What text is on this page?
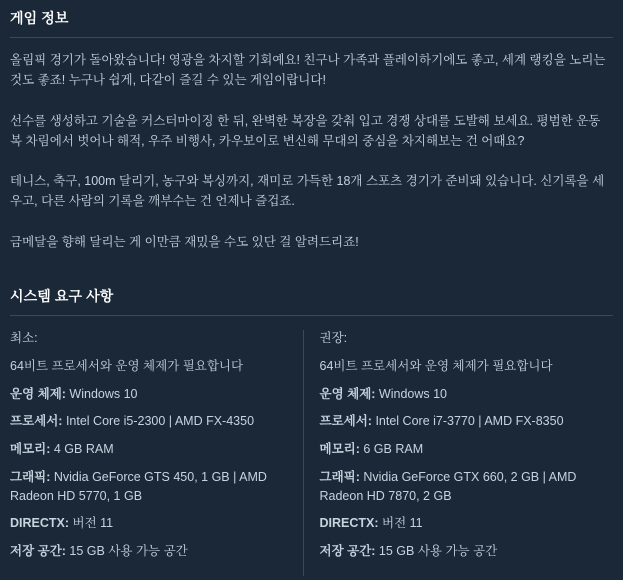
게임 정보

올림픽 경기가 돌아왔습니다! 영광을 차지할 기회예요! 친구나 가족과 플레이하기에도 좋고, 세계 랭킹을 노리는 것도 좋죠! 누구나 쉽게, 다같이 즐길 수 있는 게임이랍니다!

선수를 생성하고 기술을 커스터마이징 한 뒤, 완벽한 복장을 갖춰 입고 경쟁 상대를 도발해 보세요. 평범한 운동복 차림에서 벗어나 해적, 우주 비행사, 카우보이로 변신해 무대의 중심을 차지해보는 건 어때요?

테니스, 축구, 100m 달리기, 농구와 복싱까지, 재미로 가득한 18개 스포츠 경기가 준비돼 있습니다. 신기록을 세우고, 다른 사람의 기록을 깨부수는 건 언제나 즐겁죠.

금메달을 향해 달리는 게 이만큼 재밌을 수도 있단 걸 알려드리죠!

시스템 요구 사항
최소:
64비트 프로세서와 운영 체제가 필요합니다
운영 체제: Windows 10
프로세서: Intel Core i5-2300 | AMD FX-4350
메모리: 4 GB RAM
그래픽: Nvidia GeForce GTS 450, 1 GB | AMD Radeon HD 5770, 1 GB
DIRECTX: 버전 11
저장 공간: 15 GB 사용 가능 공간
권장:
64비트 프로세서와 운영 체제가 필요합니다
운영 체제: Windows 10
프로세서: Intel Core i7-3770 | AMD FX-8350
메모리: 6 GB RAM
그래픽: Nvidia GeForce GTX 660, 2 GB | AMD Radeon HD 7870, 2 GB
DIRECTX: 버전 11
저장 공간: 15 GB 사용 가능 공간
